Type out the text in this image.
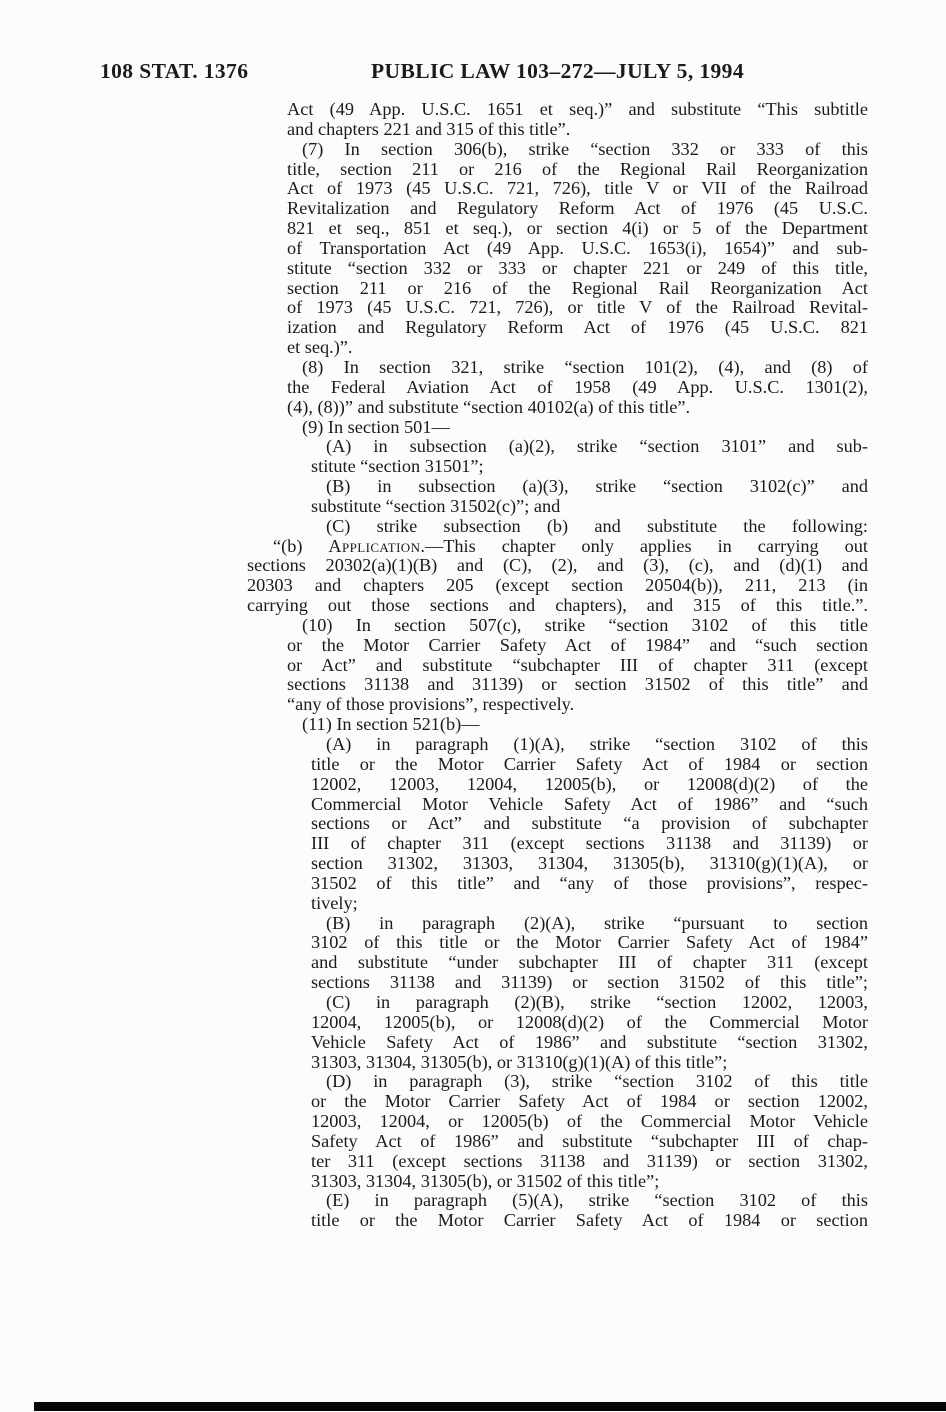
108 STAT. 1376	PUBLIC LAW 103–272—JULY 5, 1994
Act (49 App. U.S.C. 1651 et seq.)” and substitute “This subtitle
and chapters 221 and 315 of this title”.
(7) In section 306(b), strike “section 332 or 333 of this
title, section 211 or 216 of the Regional Rail Reorganization
Act of 1973 (45 U.S.C. 721, 726), title V or VII of the Railroad
Revitalization and Regulatory Reform Act of 1976 (45 U.S.C.
821 et seq., 851 et seq.), or section 4(i) or 5 of the Department
of Transportation Act (49 App. U.S.C. 1653(i), 1654)” and sub-
stitute “section 332 or 333 or chapter 221 or 249 of this title,
section 211 or 216 of the Regional Rail Reorganization Act
of 1973 (45 U.S.C. 721, 726), or title V of the Railroad Revital-
ization and Regulatory Reform Act of 1976 (45 U.S.C. 821
et seq.)”.
(8) In section 321, strike “section 101(2), (4), and (8) of
the Federal Aviation Act of 1958 (49 App. U.S.C. 1301(2),
(4), (8))” and substitute “section 40102(a) of this title”.
(9) In section 501—
(A) in subsection (a)(2), strike “section 3101” and sub-
stitute “section 31501”;
(B) in subsection (a)(3), strike “section 3102(c)” and
substitute “section 31502(c)”; and
(C) strike subsection (b) and substitute the following:
“(b) Application.—This chapter only applies in carrying out
sections 20302(a)(1)(B) and (C), (2), and (3), (c), and (d)(1) and
20303 and chapters 205 (except section 20504(b)), 211, 213 (in
carrying out those sections and chapters), and 315 of this title.”.
(10) In section 507(c), strike “section 3102 of this title
or the Motor Carrier Safety Act of 1984” and “such section
or Act” and substitute “subchapter III of chapter 311 (except
sections 31138 and 31139) or section 31502 of this title” and
“any of those provisions”, respectively.
(11) In section 521(b)—
(A) in paragraph (1)(A), strike “section 3102 of this
title or the Motor Carrier Safety Act of 1984 or section
12002, 12003, 12004, 12005(b), or 12008(d)(2) of the
Commercial Motor Vehicle Safety Act of 1986” and “such
sections or Act” and substitute “a provision of subchapter
III of chapter 311 (except sections 31138 and 31139) or
section 31302, 31303, 31304, 31305(b), 31310(g)(1)(A), or
31502 of this title” and “any of those provisions”, respec-
tively;
(B) in paragraph (2)(A), strike “pursuant to section
3102 of this title or the Motor Carrier Safety Act of 1984”
and substitute “under subchapter III of chapter 311 (except
sections 31138 and 31139) or section 31502 of this title”;
(C) in paragraph (2)(B), strike “section 12002, 12003,
12004, 12005(b), or 12008(d)(2) of the Commercial Motor
Vehicle Safety Act of 1986” and substitute “section 31302,
31303, 31304, 31305(b), or 31310(g)(1)(A) of this title”;
(D) in paragraph (3), strike “section 3102 of this title
or the Motor Carrier Safety Act of 1984 or section 12002,
12003, 12004, or 12005(b) of the Commercial Motor Vehicle
Safety Act of 1986” and substitute “subchapter III of chap-
ter 311 (except sections 31138 and 31139) or section 31302,
31303, 31304, 31305(b), or 31502 of this title”;
(E) in paragraph (5)(A), strike “section 3102 of this
title or the Motor Carrier Safety Act of 1984 or section
